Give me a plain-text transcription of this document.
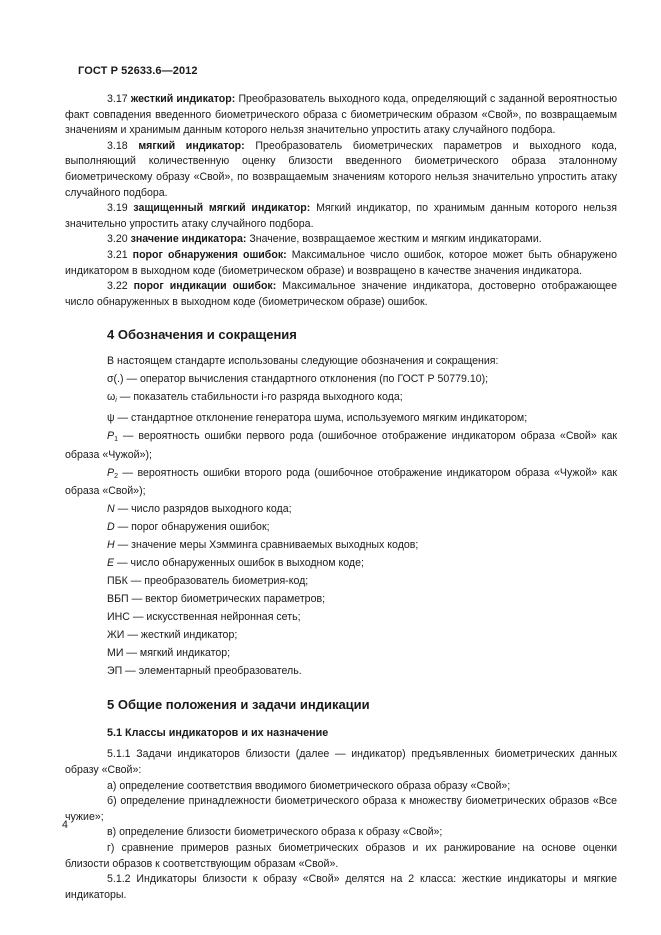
ГОСТ Р 52633.6—2012

3.17 жесткий индикатор: Преобразователь выходного кода, определяющий с заданной вероятностью факт совпадения введенного биометрического образа с биометрическим образом «Свой», по возвращаемым значениям и хранимым данным которого нельзя значительно упростить атаку случайного подбора.

3.18 мягкий индикатор: Преобразователь биометрических параметров и выходного кода, выполняющий количественную оценку близости введенного биометрического образа эталонному биометрическому образу «Свой», по возвращаемым значениям которого нельзя значительно упростить атаку случайного подбора.

3.19 защищенный мягкий индикатор: Мягкий индикатор, по хранимым данным которого нельзя значительно упростить атаку случайного подбора.

3.20 значение индикатора: Значение, возвращаемое жестким и мягким индикаторами.

3.21 порог обнаружения ошибок: Максимальное число ошибок, которое может быть обнаружено индикатором в выходном коде (биометрическом образе) и возвращено в качестве значения индикатора.

3.22 порог индикации ошибок: Максимальное значение индикатора, достоверно отображающее число обнаруженных в выходном коде (биометрическом образе) ошибок.

4 Обозначения и сокращения

В настоящем стандарте использованы следующие обозначения и сокращения:

σ(.) — оператор вычисления стандартного отклонения (по ГОСТ Р 50779.10);

$\omega_i$ — показатель стабильности i-го разряда выходного кода;

ψ — стандартное отклонение генератора шума, используемого мягким индикатором;

$P_1$ — вероятность ошибки первого рода (ошибочное отображение индикатором образа «Свой» как образа «Чужой»);

$P_2$ — вероятность ошибки второго рода (ошибочное отображение индикатором образа «Чужой» как образа «Свой»);

N — число разрядов выходного кода;

D — порог обнаружения ошибок;

H — значение меры Хэмминга сравниваемых выходных кодов;

E — число обнаруженных ошибок в выходном коде;

ПБК — преобразователь биометрия-код;

ВБП — вектор биометрических параметров;

ИНС — искусственная нейронная сеть;

ЖИ — жесткий индикатор;

МИ — мягкий индикатор;

ЭП — элементарный преобразователь.

5 Общие положения и задачи индикации
5.1 Классы индикаторов и их назначение

5.1.1 Задачи индикаторов близости (далее — индикатор) предъявленных биометрических данных образу «Свой»:

а) определение соответствия вводимого биометрического образа образу «Свой»;

б) определение принадлежности биометрического образа к множеству биометрических образов «Все чужие»;

в) определение близости биометрического образа к образу «Свой»;

г) сравнение примеров разных биометрических образов и их ранжирование на основе оценки близости образов к соответствующим образам «Свой».

5.1.2 Индикаторы близости к образу «Свой» делятся на 2 класса: жесткие индикаторы и мягкие индикаторы.

4
